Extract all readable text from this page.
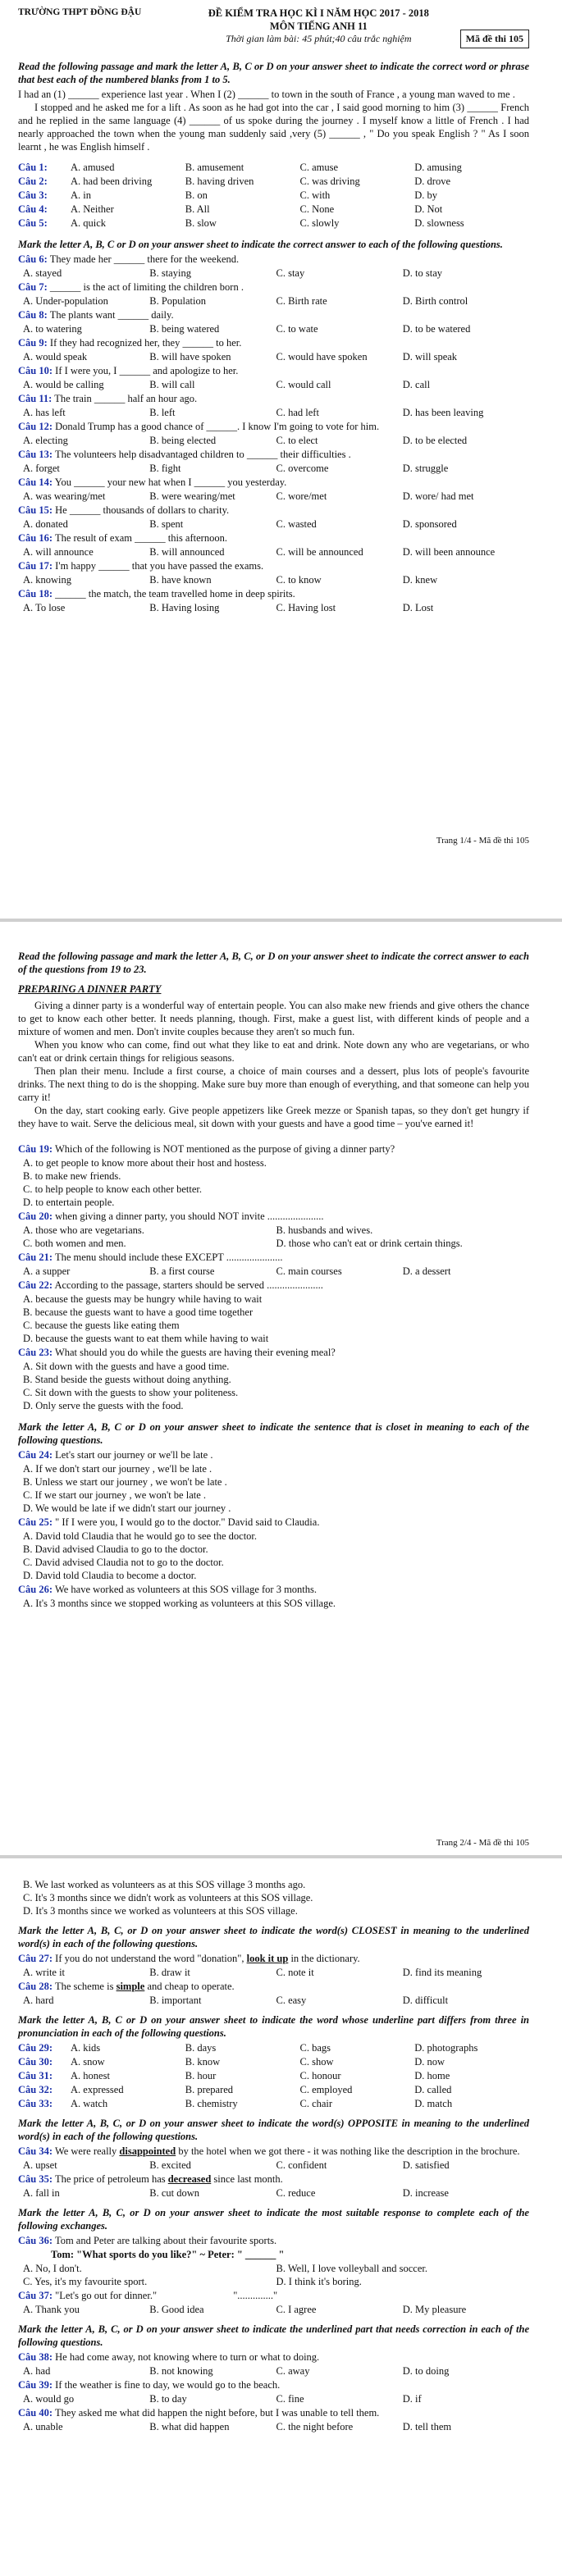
TRƯỜNG THPT ĐỒNG ĐẬU	ĐỀ KIỂM TRA HỌC KÌ I NĂM HỌC 2017 - 2018
MÔN TIẾNG ANH 11
Thời gian làm bài: 45 phút;40 câu trắc nghiệm	Mã đề thi 105
Read the following passage and mark the letter A, B, C or D on your answer sheet to indicate the correct word or phrase that best each of the numbered blanks from 1 to 5.

I had an (1) ______ experience last year . When I (2) ______ to town in the south of France , a young man waved to me .

I stopped and he asked me for a lift . As soon as he had got into the car , I said good morning to him (3) ______ French and he replied in the same language (4) ______ of us spoke during the journey . I myself know a little of French . I had nearly approached the town when the young man suddenly said ,very (5) ______ , " Do you speak English ? " As I soon learnt , he was English himself .

Câu 1:	A. amused	B. amusement	C. amuse	D. amusing
Câu 2:	A. had been driving	B. having driven	C. was driving	D. drove
Câu 3:	A. in	B. on	C. with	D. by
Câu 4:	A. Neither	B. All	C. None	D. Not
Câu 5:	A. quick	B. slow	C. slowly	D. slowness
Mark the letter A, B, C or D on your answer sheet to indicate the correct answer to each of the following questions.
Câu 6: They made her ______ there for the weekend.
A. stayed	B. staying	C. stay	D. to stay
Câu 7: ______ is the act of limiting the children born .
A. Under-population	B. Population	C. Birth rate	D. Birth control
Câu 8: The plants want ______ daily.
A. to watering	B. being watered	C. to wate	D. to be watered
Câu 9: If they had recognized her, they ______ to her.
A. would speak	B. will have spoken	C. would have spoken	D. will speak
Câu 10: If I were you, I ______ and apologize to her.
A. would be calling	B. will call	C. would call	D. call
Câu 11: The train ______ half an hour ago.
A. has left	B. left	C. had left	D. has been leaving
Câu 12: Donald Trump has a good chance of ______. I know I'm going to vote for him.
A. electing	B. being elected	C. to elect	D. to be elected
Câu 13: The volunteers help disadvantaged children to ______ their difficulties .
A. forget	B. fight	C. overcome	D. struggle
Câu 14: You ______ your new hat when I ______ you yesterday.
A. was wearing/met	B. were wearing/met	C. wore/met	D. wore/ had met
Câu 15: He ______ thousands of dollars to charity.
A. donated	B. spent	C. wasted	D. sponsored
Câu 16: The result of exam ______ this afternoon.
A. will announce	B. will announced	C. will be announced	D. will been announce
Câu 17: I'm happy ______ that you have passed the exams.
A. knowing	B. have known	C. to know	D. knew
Câu 18: ______ the match, the team travelled home in deep spirits.
A. To lose	B. Having losing	C. Having lost	D. Lost
Trang 1/4 - Mã đề thi 105
Read the following passage and mark the letter A, B, C, or D on your answer sheet to indicate the correct answer to each of the questions from 19 to 23.
PREPARING A DINNER PARTY

Giving a dinner party is a wonderful way of entertain people. You can also make new friends and give others the chance to get to know each other better. It needs planning, though. First, make a guest list, with different kinds of people and a mixture of women and men. Don't invite couples because they aren't so much fun.

When you know who can come, find out what they like to eat and drink. Note down any who are vegetarians, or who can't eat or drink certain things for religious seasons.

Then plan their menu. Include a first course, a choice of main courses and a dessert, plus lots of people's favourite drinks. The next thing to do is the shopping. Make sure buy more than enough of everything, and that someone can help you carry it!

On the day, start cooking early. Give people appetizers like Greek mezze or Spanish tapas, so they don't get hungry if they have to wait. Serve the delicious meal, sit down with your guests and have a good time – you've earned it!

Câu 19: Which of the following is NOT mentioned as the purpose of giving a dinner party?
A. to get people to know more about their host and hostess.
B. to make new friends.
C. to help people to know each other better.
D. to entertain people.
Câu 20: when giving a dinner party, you should NOT invite ......................
A. those who are vegetarians.	B. husbands and wives.
C. both women and men.	D. those who can't eat or drink certain things.
Câu 21: The menu should include these EXCEPT ......................
A. a supper	B. a first course	C. main courses	D. a dessert
Câu 22: According to the passage, starters should be served ......................
A. because the guests may be hungry while having to wait
B. because the guests want to have a good time together
C. because the guests like eating them
D. because the guests want to eat them while having to wait
Câu 23: What should you do while the guests are having their evening meal?
A. Sit down with the guests and have a good time.
B. Stand beside the guests without doing anything.
C. Sit down with the guests to show your politeness.
D. Only serve the guests with the food.
Mark the letter A, B, C or D on your answer sheet to indicate the sentence that is closet in meaning to each of the following questions.
Câu 24: Let's start our journey or we'll be late .
A. If we don't start our journey , we'll be late .
B. Unless we start our journey , we won't be late .
C. If we start our journey , we won't be late .
D. We would be late if we didn't start our journey .
Câu 25: " If I were you, I would go to the doctor." David said to Claudia.
A. David told Claudia that he would go to see the doctor.
B. David advised Claudia to go to the doctor.
C. David advised Claudia not to go to the doctor.
D. David told Claudia to become a doctor.
Câu 26: We have worked as volunteers at this SOS village for 3 months.
A. It's 3 months since we stopped working as volunteers at this SOS village.
Trang 2/4 - Mã đề thi 105
B. We last worked as volunteers as at this SOS village 3 months ago.
C. It's 3 months since we didn't work as volunteers at this SOS village.
D. It's 3 months since we worked as volunteers at this SOS village.
Mark the letter A, B, C, or D on your answer sheet to indicate the word(s) CLOSEST in meaning to the underlined word(s) in each of the following questions.
Câu 27: If you do not understand the word "donation", look it up in the dictionary.
A. write it	B. draw it	C. note it	D. find its meaning
Câu 28: The scheme is simple and cheap to operate.
A. hard	B. important	C. easy	D. difficult
Mark the letter A, B, C or D on your answer sheet to indicate the word whose underline part differs from three in pronunciation in each of the following questions.
Câu 29:	A. kids	B. days	C. bags	D. photographs
Câu 30:	A. snow	B. know	C. show	D. now
Câu 31:	A. honest	B. hour	C. honour	D. home
Câu 32:	A. expressed	B. prepared	C. employed	D. called
Câu 33:	A. watch	B. chemistry	C. chair	D. match
Mark the letter A, B, C, or D on your answer sheet to indicate the word(s) OPPOSITE in meaning to the underlined word(s) in each of the following questions.
Câu 34: We were really disappointed by the hotel when we got there - it was nothing like the description in the brochure.
A. upset	B. excited	C. confident	D. satisfied
Câu 35: The price of petroleum has decreased since last month.
A. fall in	B. cut down	C. reduce	D. increase
Mark the letter A, B, C, or D on your answer sheet to indicate the most suitable response to complete each of the following exchanges.
Câu 36: Tom and Peter are talking about their favourite sports.
Tom: "What sports do you like?" ~ Peter: " ______ "
A. No, I don't.	B. Well, I love volleyball and soccer.
C. Yes, it's my favourite sport.	D. I think it's boring.
Câu 37: "Let's go out for dinner."	".............."
A. Thank you	B. Good idea	C. I agree	D. My pleasure
Mark the letter A, B, C, or D on your answer sheet to indicate the underlined part that needs correction in each of the following questions.
Câu 38: He had come away, not knowing where to turn or what to doing.
A. had	B. not knowing	C. away	D. to doing
Câu 39: If the weather is fine to day, we would go to the beach.
A. would go	B. to day	C. fine	D. if
Câu 40: They asked me what did happen the night before, but I was unable to tell them.
A. unable	B. what did happen	C. the night before	D. tell them
